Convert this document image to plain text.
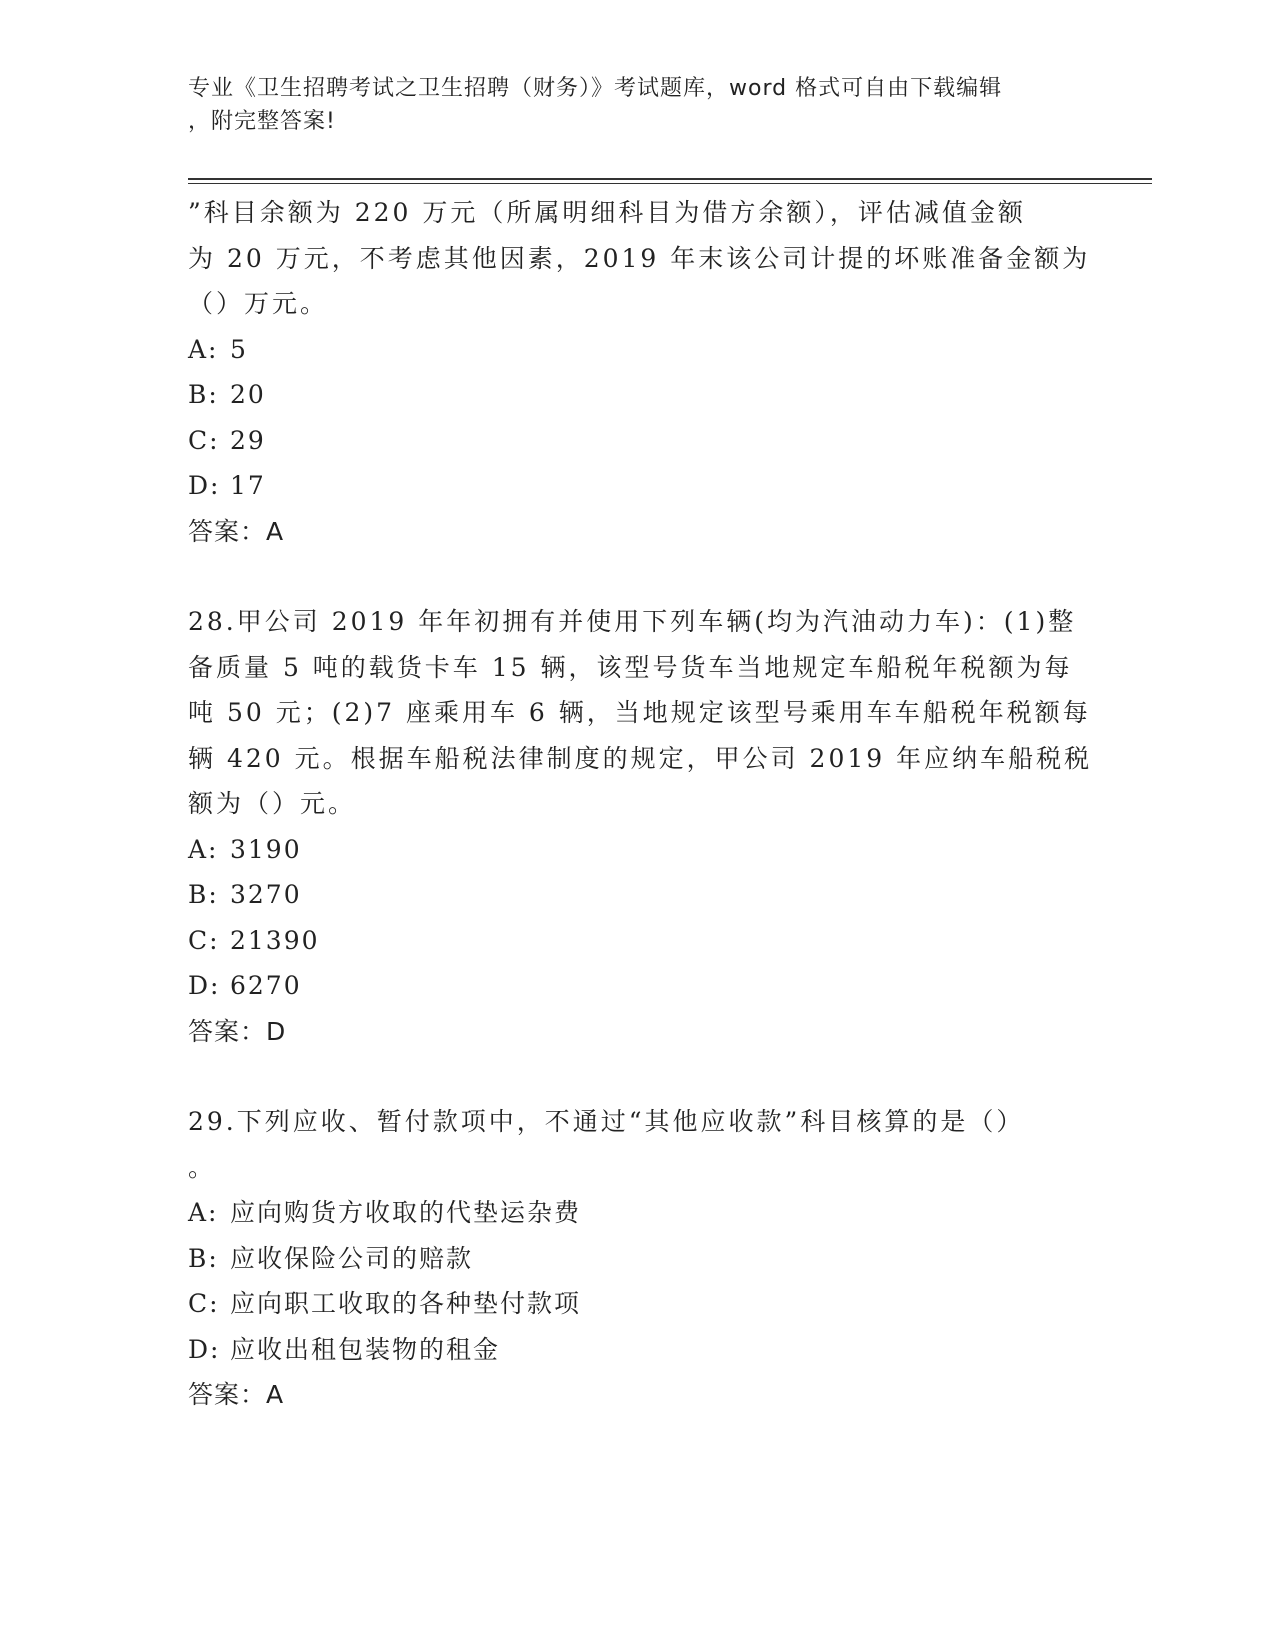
专业《卫生招聘考试之卫生招聘（财务）》考试题库，word 格式可自由下载编辑
，附完整答案!
”科目余额为 220 万元（所属明细科目为借方余额），评估减值金额
为 20 万元，不考虑其他因素，2019 年末该公司计提的坏账准备金额为
（）万元。
A: 5
B: 20
C: 29
D: 17
答案：A
28.甲公司 2019 年年初拥有并使用下列车辆(均为汽油动力车)：(1)整
备质量 5 吨的载货卡车 15 辆，该型号货车当地规定车船税年税额为每
吨 50 元；(2)7 座乘用车 6 辆，当地规定该型号乘用车车船税年税额每
辆 420 元。根据车船税法律制度的规定，甲公司 2019 年应纳车船税税
额为（）元。
A: 3190
B: 3270
C: 21390
D: 6270
答案：D
29.下列应收、暂付款项中，不通过“其他应收款”科目核算的是（）
。
A: 应向购货方收取的代垫运杂费
B: 应收保险公司的赔款
C: 应向职工收取的各种垫付款项
D: 应收出租包装物的租金
答案：A
